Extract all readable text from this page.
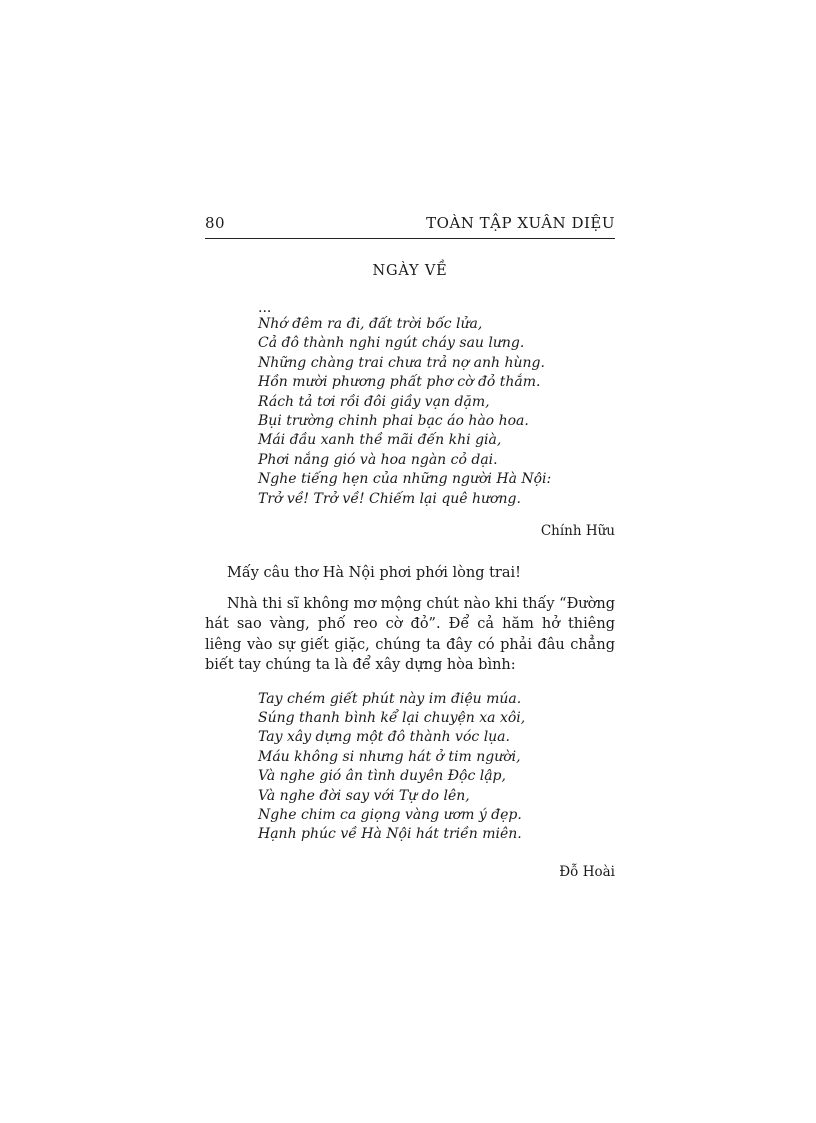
80	TOÀN TẬP XUÂN DIỆU
NGÀY VỀ
...
Nhớ đêm ra đi, đất trời bốc lửa,
Cả đô thành nghi ngút cháy sau lưng.
Những chàng trai chưa trả nợ anh hùng.
Hồn mười phương phất phơ cờ đỏ thắm.
Rách tả tơi rồi đôi giầy vạn dặm,
Bụi trường chinh phai bạc áo hào hoa.
Mái đầu xanh thề mãi đến khi già,
Phơi nắng gió và hoa ngàn cỏ dại.
Nghe tiếng hẹn của những người Hà Nội:
Trở về! Trở về! Chiếm lại quê hương.
Chính Hữu

Mấy câu thơ Hà Nội phơi phới lòng trai!

Nhà thi sĩ không mơ mộng chút nào khi thấy “Đường hát sao vàng, phố reo cờ đỏ”. Để cả hăm hở thiêng liêng vào sự giết giặc, chúng ta đây có phải đâu chẳng biết tay chúng ta là để xây dựng hòa bình:

Tay chém giết phút này im điệu múa.
Súng thanh bình kể lại chuyện xa xôi,
Tay xây dựng một đô thành vóc lụa.
Máu không si nhưng hát ở tim người,
Và nghe gió ân tình duyên Độc lập,
Và nghe đời say với Tự do lên,
Nghe chim ca giọng vàng ươm ý đẹp.
Hạnh phúc về Hà Nội hát triền miên.
Đỗ Hoài
